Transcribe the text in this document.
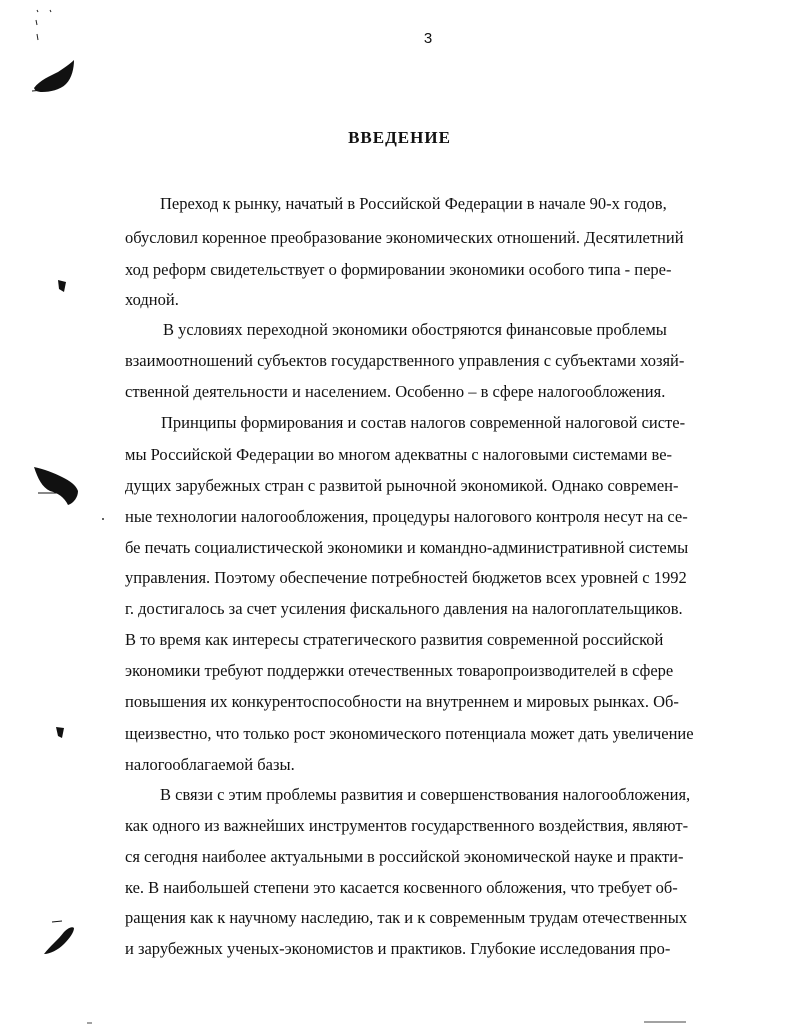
3
ВВЕДЕНИЕ
Переход к рынку, начатый в Российской Федерации в начале 90-х годов,
обусловил коренное преобразование экономических отношений. Десятилетний
ход реформ свидетельствует о формировании экономики особого типа - пере-
ходной.
В условиях переходной экономики обостряются финансовые проблемы
взаимоотношений субъектов государственного управления с субъектами хозяй-
ственной деятельности и населением. Особенно – в сфере налогообложения.
Принципы формирования и состав налогов современной налоговой систе-
мы Российской Федерации во многом адекватны с налоговыми системами ве-
дущих зарубежных стран с развитой рыночной экономикой. Однако современ-
ные технологии налогообложения, процедуры налогового контроля несут на се-
бе печать социалистической экономики и командно-административной системы
управления. Поэтому обеспечение потребностей бюджетов всех уровней с 1992
г. достигалось за счет усиления фискального давления на налогоплательщиков.
В то время как интересы стратегического развития современной российской
экономики требуют поддержки отечественных товаропроизводителей в сфере
повышения их конкурентоспособности на внутреннем и мировых рынках. Об-
щеизвестно, что только рост экономического потенциала может дать увеличение
налогооблагаемой базы.
В связи с этим проблемы развития и совершенствования налогообложения,
как одного из важнейших инструментов государственного воздействия, являют-
ся сегодня наиболее актуальными в российской экономической науке и практи-
ке. В наибольшей степени это касается косвенного обложения, что требует об-
ращения как к научному наследию, так и к современным трудам отечественных
и зарубежных ученых-экономистов и практиков. Глубокие исследования про-
